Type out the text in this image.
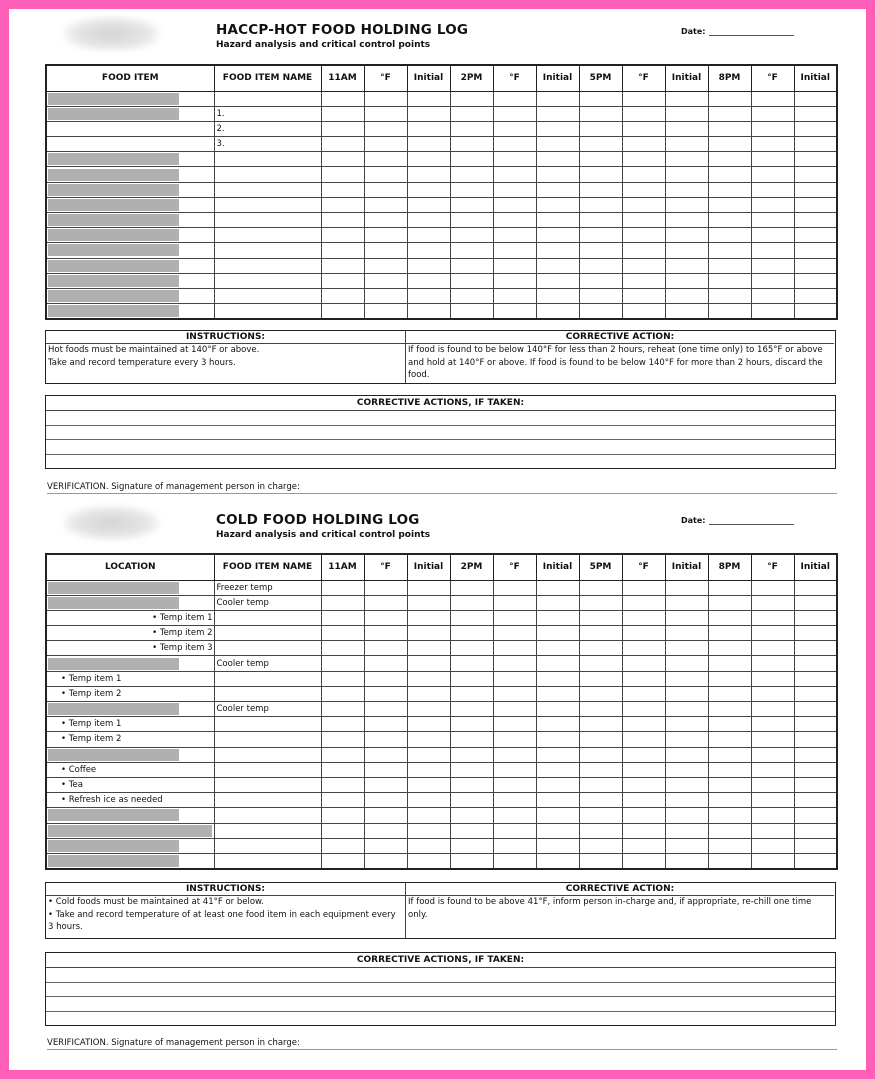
HACCP-HOT FOOD HOLDING LOG
Hazard analysis and critical control points
Date:
FOOD ITEM	FOOD ITEM NAME	11AM	°F	Initial	2PM	°F	Initial	5PM	°F	Initial	8PM	°F	Initial

	1.												
	2.												
	3.												

INSTRUCTIONS:
Hot foods must be maintained at 140°F or above.
Take and record temperature every 3 hours.
CORRECTIVE ACTION:
If food is found to be below 140°F for less than 2 hours, reheat (one time only) to 165°F or above and hold at 140°F or above. If food is found to be below 140°F for more than 2 hours, discard the food.
CORRECTIVE ACTIONS, IF TAKEN:
VERIFICATION. Signature of management person in charge:
COLD FOOD HOLDING LOG
Hazard analysis and critical control points
Date:
LOCATION	FOOD ITEM NAME	11AM	°F	Initial	2PM	°F	Initial	5PM	°F	Initial	8PM	°F	Initial

	Freezer temp												

	Cooler temp												

• Temp item 1													

• Temp item 2													

• Temp item 3													

	Cooler temp												

• Temp item 1													

• Temp item 2													

	Cooler temp												

• Temp item 1													

• Temp item 2													

• Coffee													

• Tea													

• Refresh ice as needed													

INSTRUCTIONS:
• Cold foods must be maintained at 41°F or below.
• Take and record temperature of at least one food item in each equipment every 3 hours.
CORRECTIVE ACTION:
If food is found to be above 41°F, inform person in-charge and, if appropriate, re-chill one time only.
CORRECTIVE ACTIONS, IF TAKEN:
VERIFICATION. Signature of management person in charge:
